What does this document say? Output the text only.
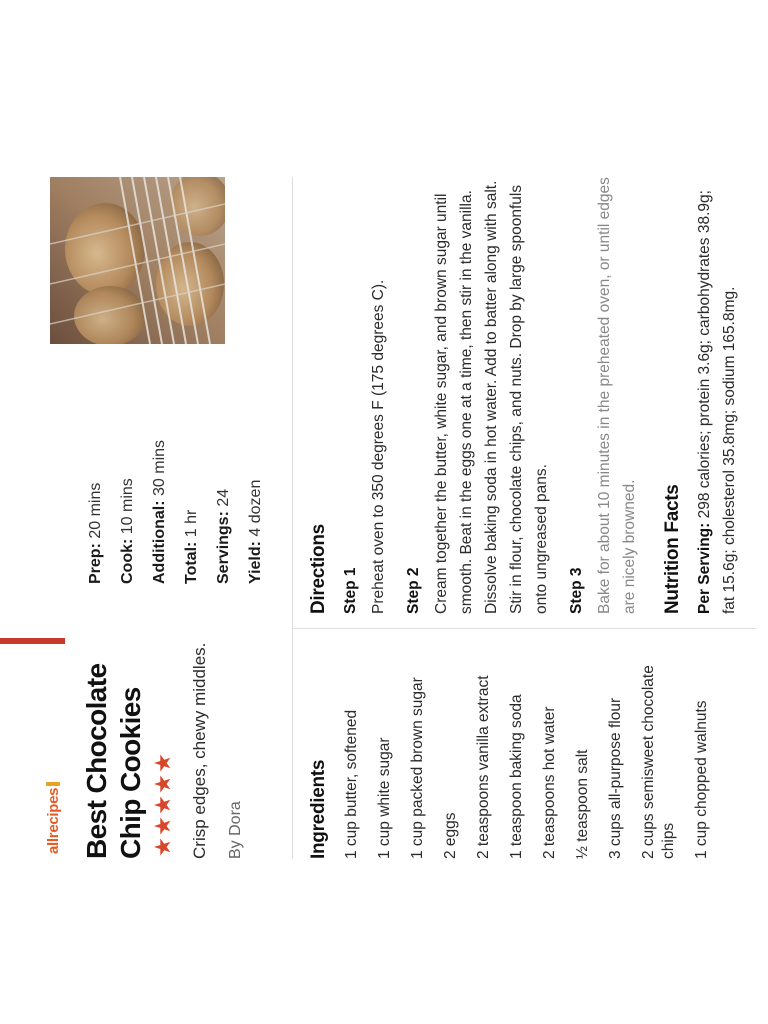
allrecipes Best Chocolate Chip Cookies	Crisp edges, chewy middles. By Dora
Prep: 20 mins
Cook: 10 mins Additional: 30 mins
Total: 1 hr Servings: 24
Yield: 4 dozen
Ingredients 1 cup butter, softened 1 cup white sugar 1 cup packed brown sugar 2 eggs 2 teaspoons vanilla extract 1 teaspoon baking soda 2 teaspoons hot water ½ teaspoon salt 3 cups all-purpose flour 2 cups semisweet chocolate chips 1 cup chopped walnuts
Directions Step 1 Preheat oven to 350 degrees F (175 degrees C). Step 2 Cream together the butter, white sugar, and brown sugar until smooth. Beat in the eggs one at a time, then stir in the vanilla. Dissolve baking soda in hot water. Add to batter along with salt. Stir in flour, chocolate chips, and nuts. Drop by large spoonfuls onto ungreased pans. Step 3 Bake for about 10 minutes in the preheated oven, or until edges are nicely browned. Nutrition Facts Per Serving: 298 calories; protein 3.6g; carbohydrates 38.9g; fat 15.6g; cholesterol 35.8mg; sodium 165.8mg.
